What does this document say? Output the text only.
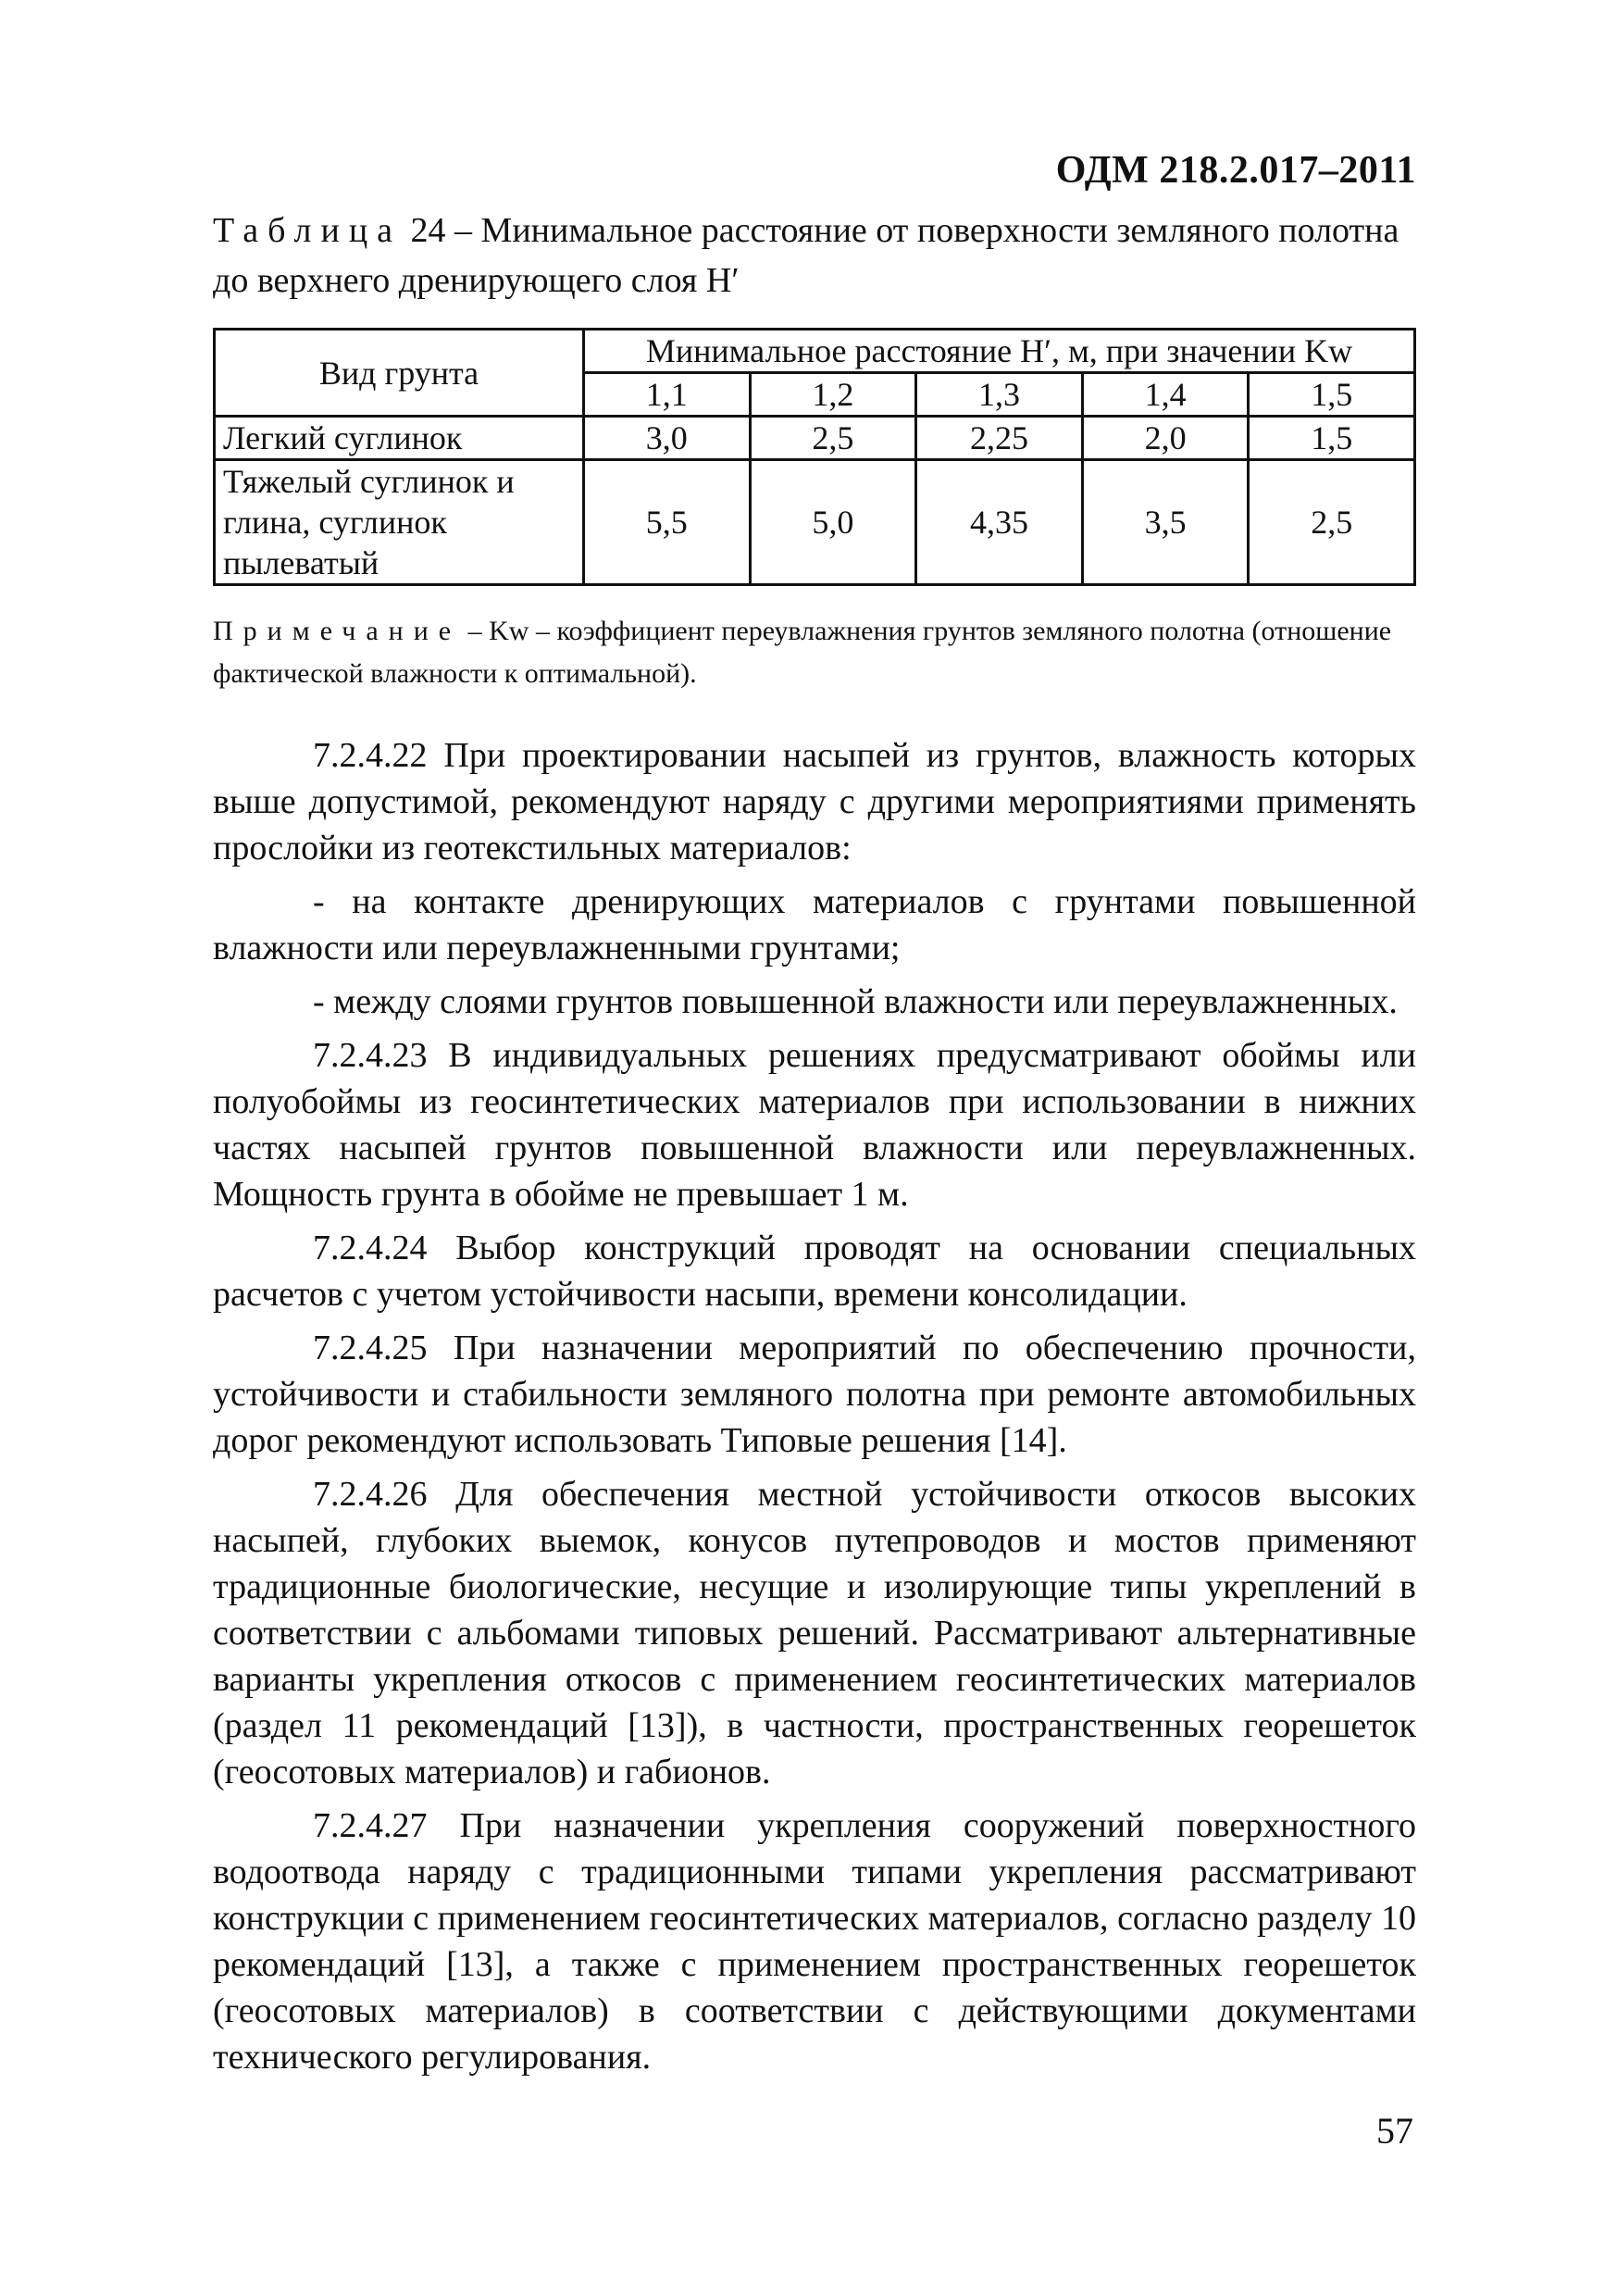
ОДМ 218.2.017–2011
Таблица 24 – Минимальное расстояние от поверхности земляного полотна до верхнего дренирующего слоя H′
Вид грунта	Минимальное расстояние H′, м, при значении Kw				
	1,1	1,2	1,3	1,4	1,5
Легкий суглинок	3,0	2,5	2,25	2,0	1,5
Тяжелый суглинок и глина, суглинок пылеватый	5,5	5,0	4,35	3,5	2,5
Примечание – Kw – коэффициент переувлажнения грунтов земляного полотна (отношение фактической влажности к оптимальной).

7.2.4.22 При проектировании насыпей из грунтов, влажность которых выше допустимой, рекомендуют наряду с другими мероприятиями применять прослойки из геотекстильных материалов:

- на контакте дренирующих материалов с грунтами повышенной влажности или переувлажненными грунтами;

- между слоями грунтов повышенной влажности или переувлажненных.

7.2.4.23 В индивидуальных решениях предусматривают обоймы или полуобоймы из геосинтетических материалов при использовании в нижних частях насыпей грунтов повышенной влажности или переувлажненных. Мощность грунта в обойме не превышает 1 м.

7.2.4.24 Выбор конструкций проводят на основании специальных расчетов с учетом устойчивости насыпи, времени консолидации.

7.2.4.25 При назначении мероприятий по обеспечению прочности, устойчивости и стабильности земляного полотна при ремонте автомобильных дорог рекомендуют использовать Типовые решения [14].

7.2.4.26 Для обеспечения местной устойчивости откосов высоких насыпей, глубоких выемок, конусов путепроводов и мостов применяют традиционные биологические, несущие и изолирующие типы укреплений в соответствии с альбомами типовых решений. Рассматривают альтернативные варианты укрепления откосов с применением геосинтетических материалов (раздел 11 рекомендаций [13]), в частности, пространственных георешеток (геосотовых материалов) и габионов.

7.2.4.27 При назначении укрепления сооружений поверхностного водоотвода наряду с традиционными типами укрепления рассматривают конструкции с применением геосинтетических материалов, согласно разделу 10 рекомендаций [13], а также с применением пространственных георешеток (геосотовых материалов) в соответствии с действующими документами технического регулирования.

57
